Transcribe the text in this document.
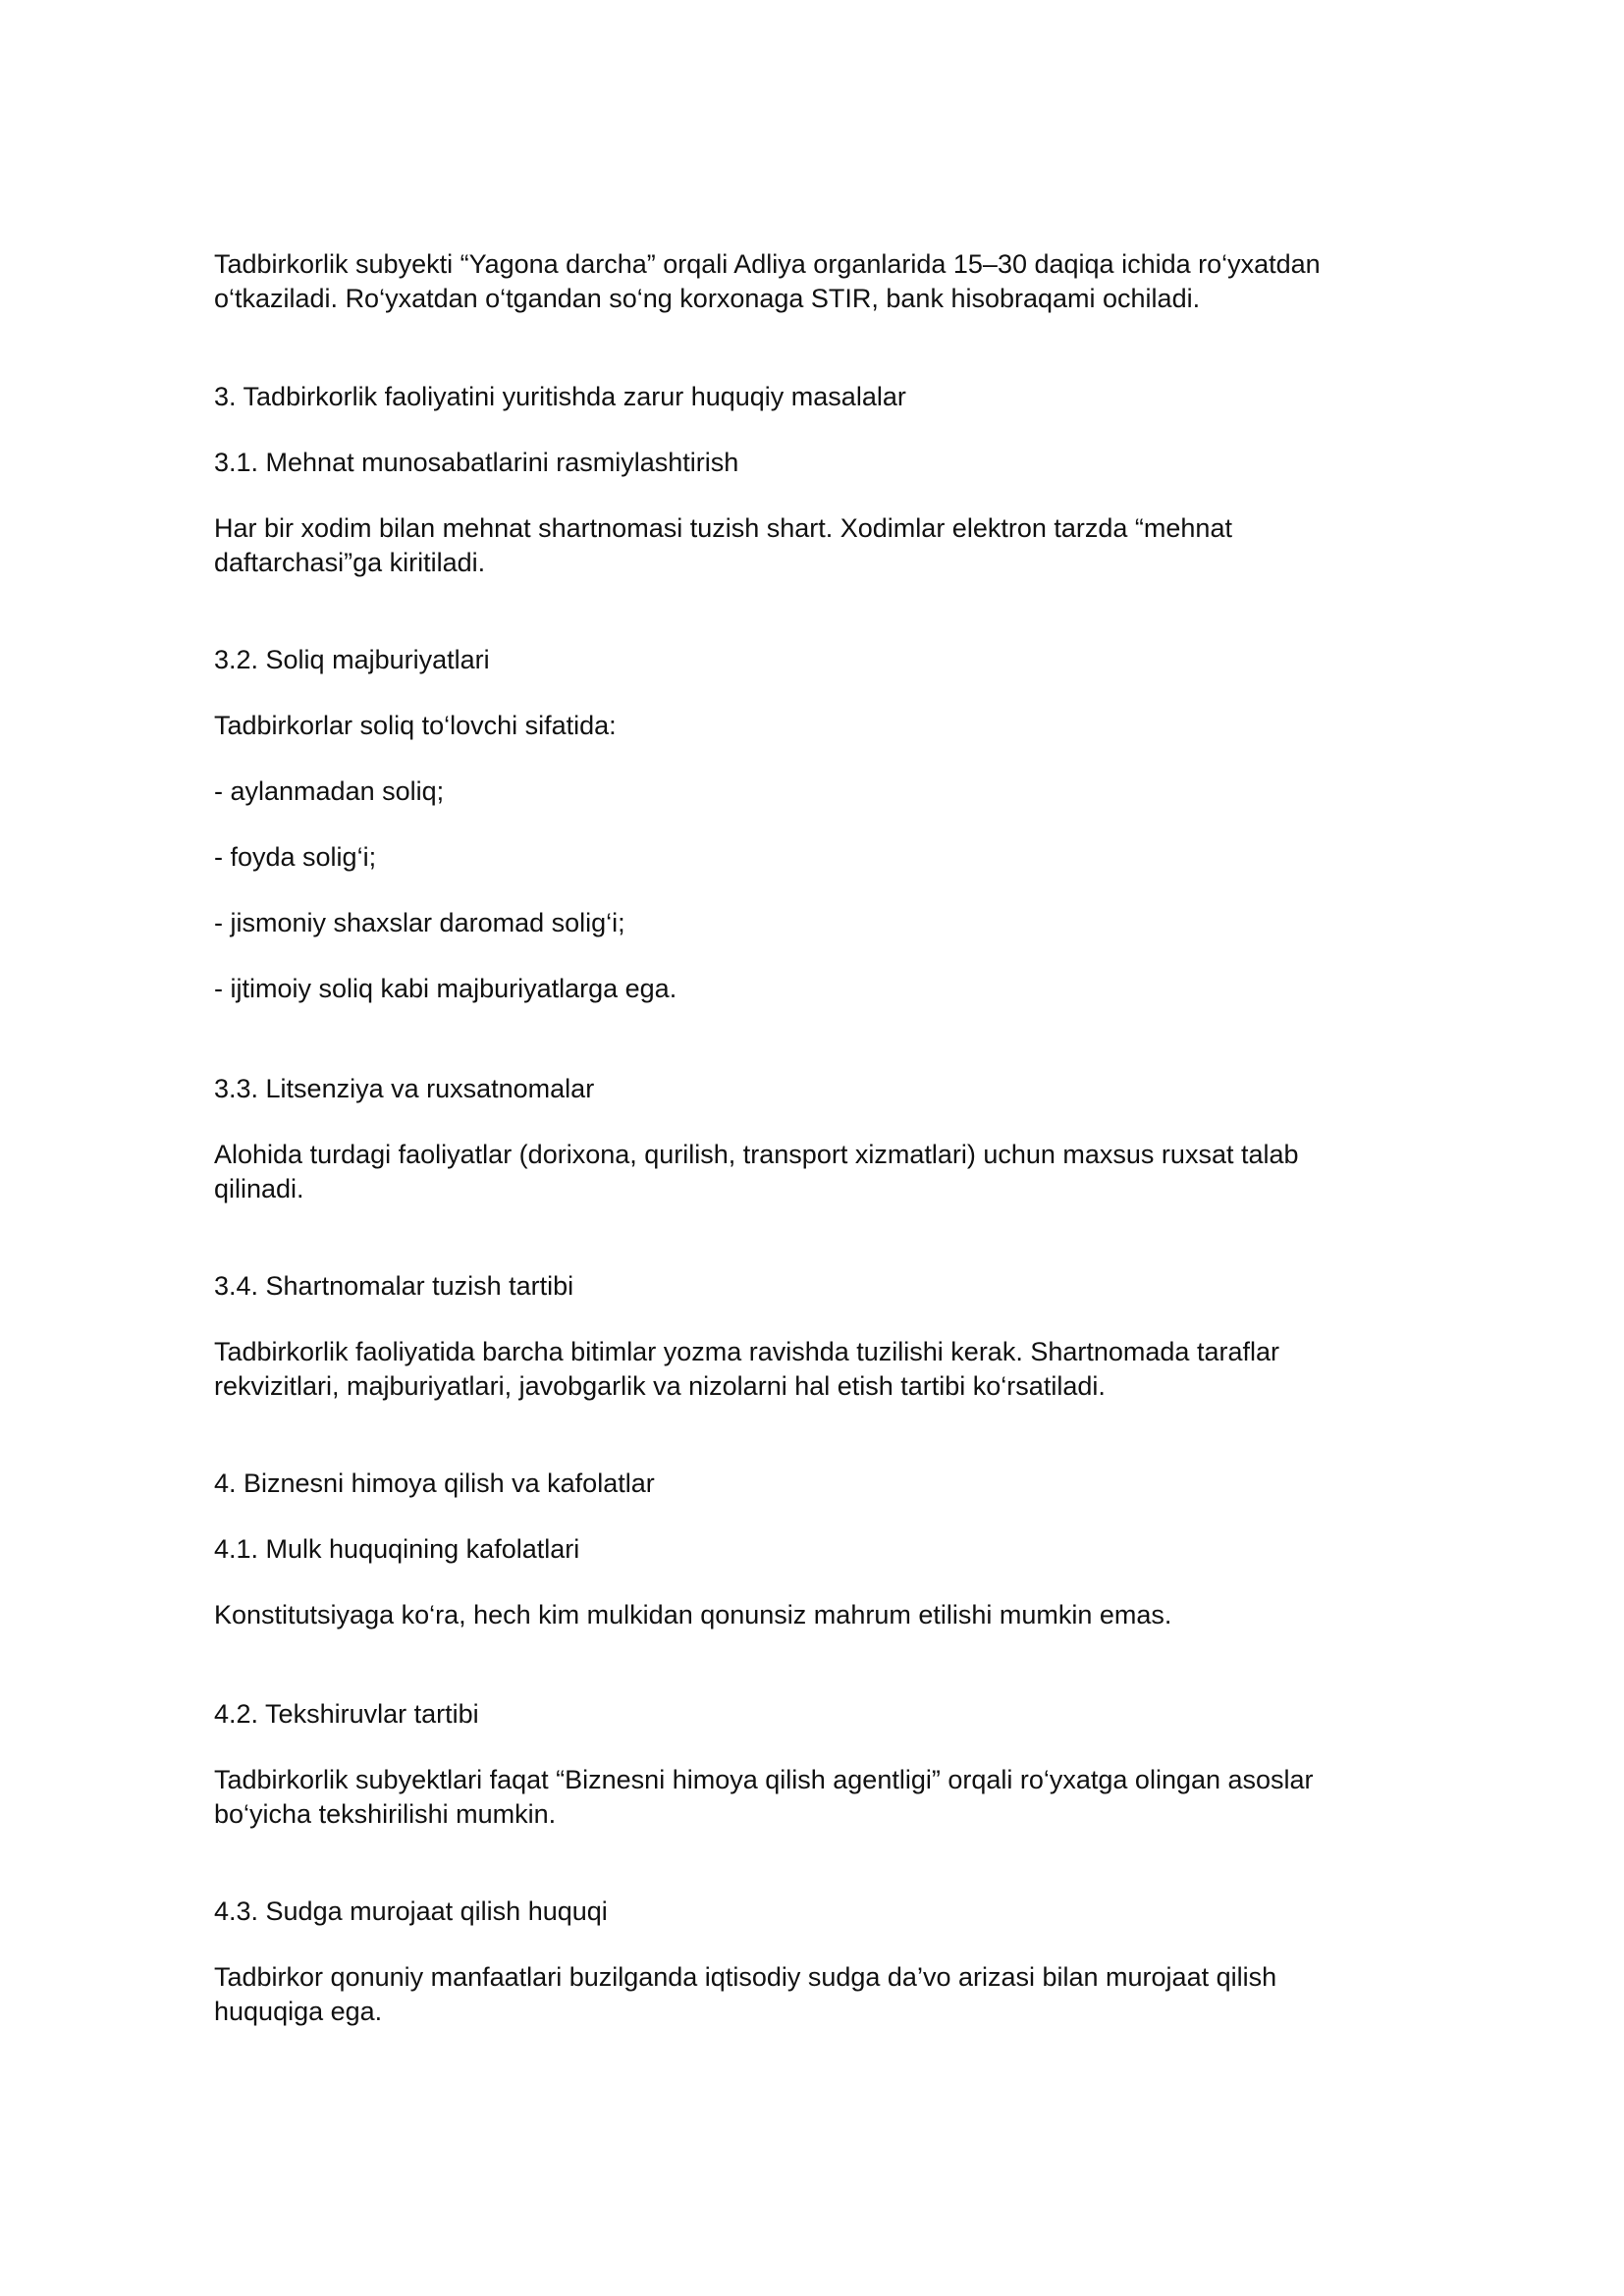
Tadbirkorlik subyekti “Yagona darcha” orqali Adliya organlarida 15–30 daqiqa ichida ro‘yxatdan

o‘tkaziladi. Ro‘yxatdan o‘tgandan so‘ng korxonaga STIR, bank hisobraqami ochiladi.

3. Tadbirkorlik faoliyatini yuritishda zarur huquqiy masalalar

3.1. Mehnat munosabatlarini rasmiylashtirish

Har bir xodim bilan mehnat shartnomasi tuzish shart. Xodimlar elektron tarzda “mehnat

daftarchasi”ga kiritiladi.

3.2. Soliq majburiyatlari

Tadbirkorlar soliq to‘lovchi sifatida:

- aylanmadan soliq;

- foyda solig‘i;

- jismoniy shaxslar daromad solig‘i;

- ijtimoiy soliq kabi majburiyatlarga ega.

3.3. Litsenziya va ruxsatnomalar

Alohida turdagi faoliyatlar (dorixona, qurilish, transport xizmatlari) uchun maxsus ruxsat talab

qilinadi.

3.4. Shartnomalar tuzish tartibi

Tadbirkorlik faoliyatida barcha bitimlar yozma ravishda tuzilishi kerak. Shartnomada taraflar

rekvizitlari, majburiyatlari, javobgarlik va nizolarni hal etish tartibi ko‘rsatiladi.

4. Biznesni himoya qilish va kafolatlar

4.1. Mulk huquqining kafolatlari

Konstitutsiyaga ko‘ra, hech kim mulkidan qonunsiz mahrum etilishi mumkin emas.

4.2. Tekshiruvlar tartibi

Tadbirkorlik subyektlari faqat “Biznesni himoya qilish agentligi” orqali ro‘yxatga olingan asoslar

bo‘yicha tekshirilishi mumkin.

4.3. Sudga murojaat qilish huquqi

Tadbirkor qonuniy manfaatlari buzilganda iqtisodiy sudga da’vo arizasi bilan murojaat qilish

huquqiga ega.
